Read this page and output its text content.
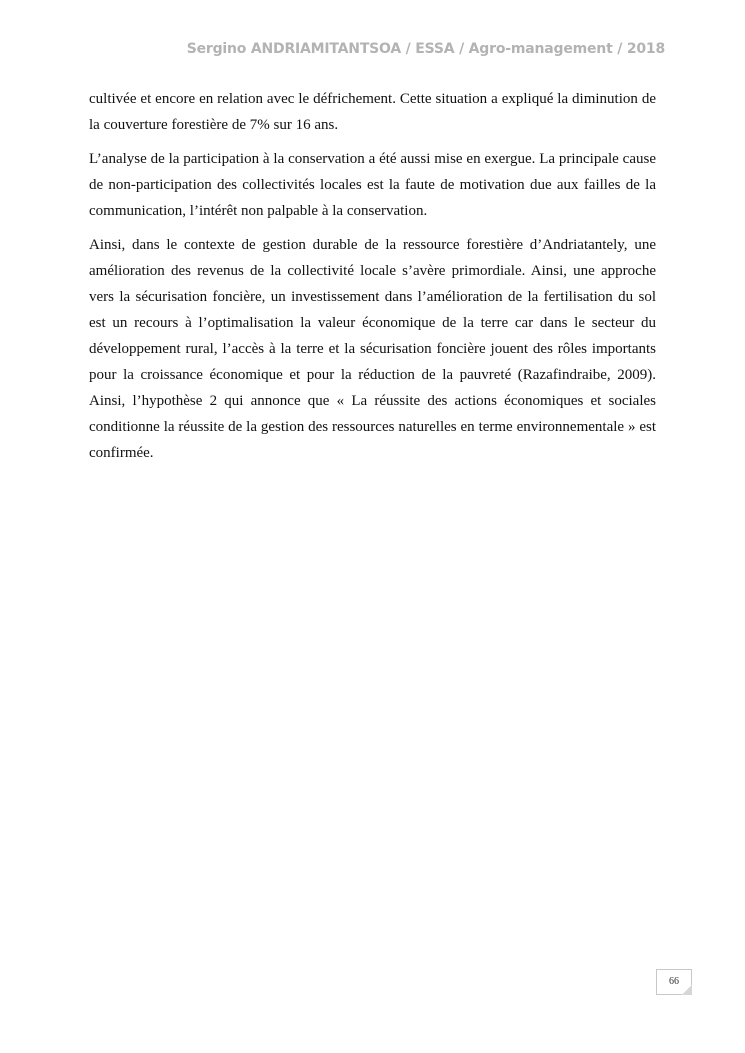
Sergino ANDRIAMITANTSOA / ESSA / Agro-management / 2018

cultivée et encore en relation avec le défrichement. Cette situation a expliqué la diminution de la couverture forestière de 7% sur 16 ans.

L’analyse de la participation à la conservation a été aussi mise en exergue. La principale cause de non-participation des collectivités locales est la faute de motivation due aux failles de la communication, l’intérêt non palpable à la conservation.

Ainsi, dans le contexte de gestion durable de la ressource forestière d’Andriatantely, une amélioration des revenus de la collectivité locale s’avère primordiale. Ainsi, une approche vers la sécurisation foncière, un investissement dans l’amélioration de la fertilisation du sol est un recours à l’optimalisation la valeur économique de la terre car dans le secteur du développement rural, l’accès à la terre et la sécurisation foncière jouent des rôles importants pour la croissance économique et pour la réduction de la pauvreté (Razafindraibe, 2009). Ainsi, l’hypothèse 2 qui annonce que « La réussite des actions économiques et sociales conditionne la réussite de la gestion des ressources naturelles en terme environnementale » est confirmée.

66
